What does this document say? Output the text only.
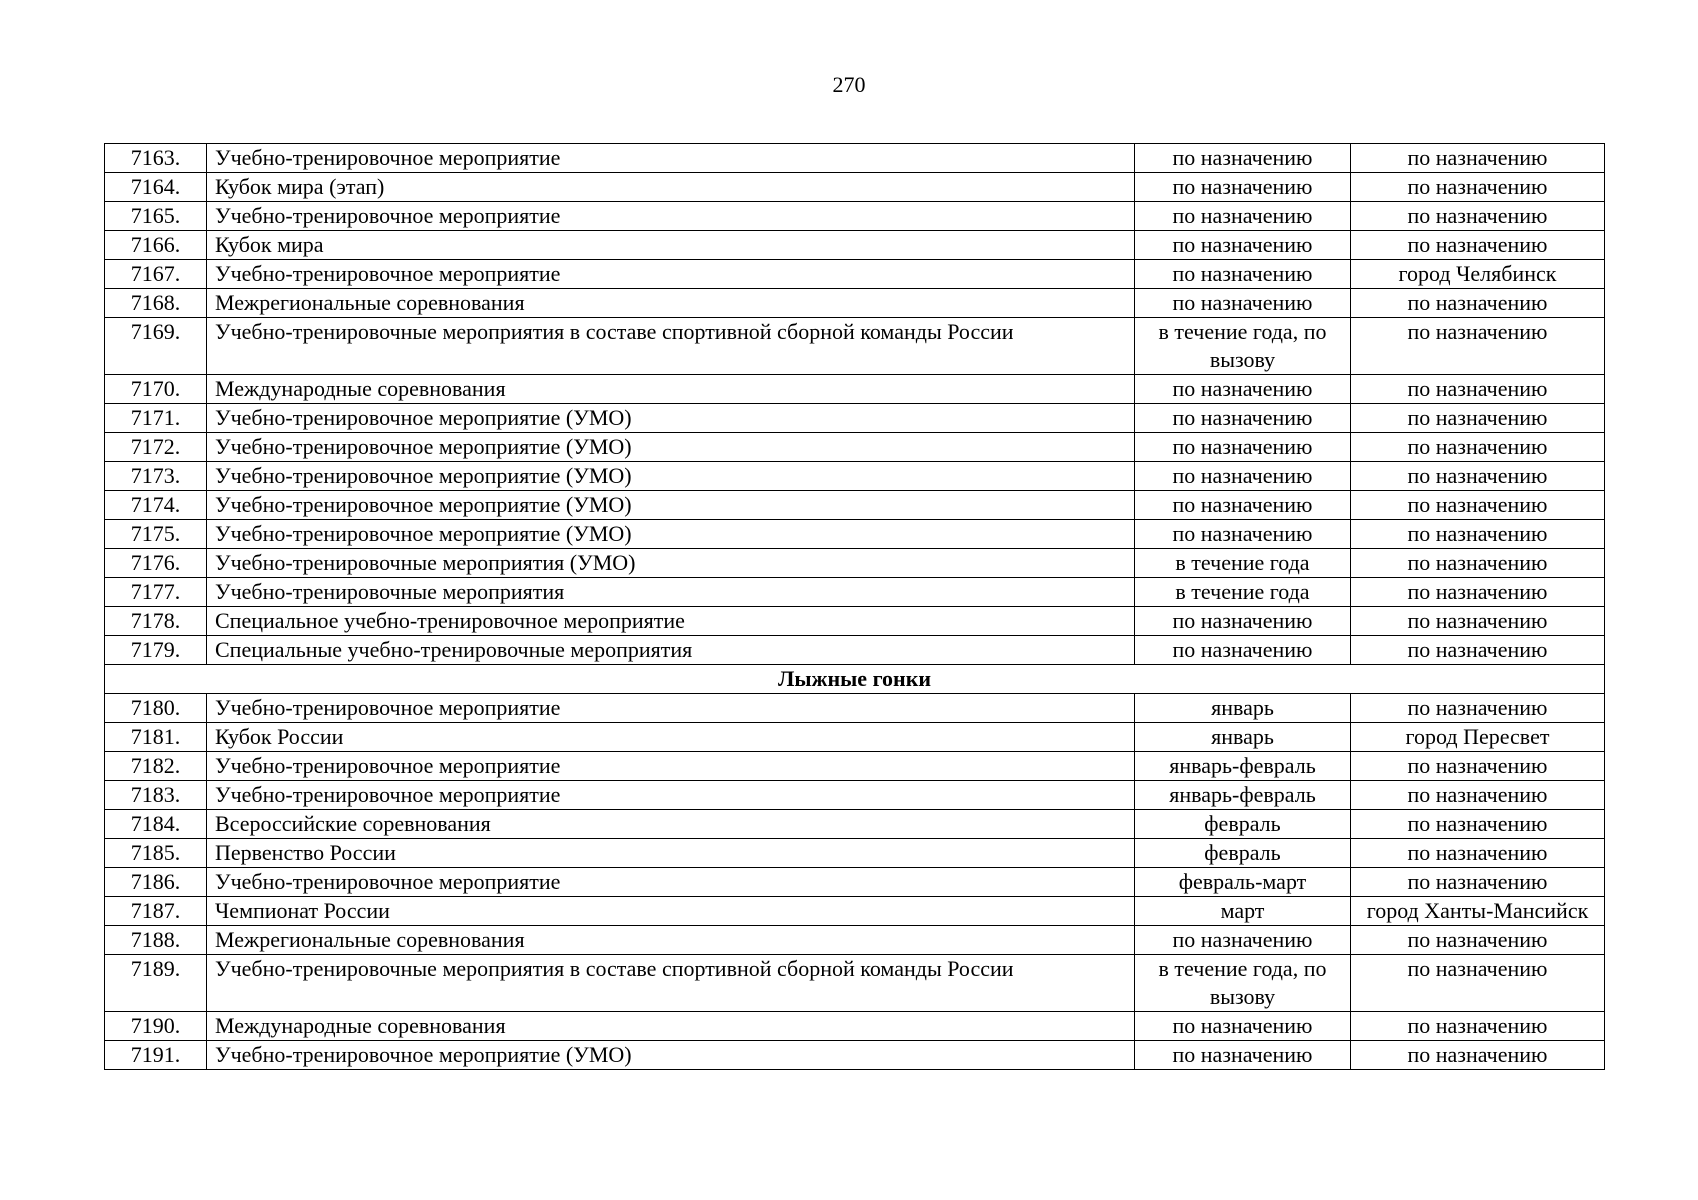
270
7163.	Учебно-тренировочное мероприятие	по назначению	по назначению
7164.	Кубок мира (этап)	по назначению	по назначению
7165.	Учебно-тренировочное мероприятие	по назначению	по назначению
7166.	Кубок мира	по назначению	по назначению
7167.	Учебно-тренировочное мероприятие	по назначению	город Челябинск
7168.	Межрегиональные соревнования	по назначению	по назначению
7169.	Учебно-тренировочные мероприятия в составе спортивной сборной команды России	в течение года, по вызову	по назначению
7170.	Международные соревнования	по назначению	по назначению
7171.	Учебно-тренировочное мероприятие (УМО)	по назначению	по назначению
7172.	Учебно-тренировочное мероприятие (УМО)	по назначению	по назначению
7173.	Учебно-тренировочное мероприятие (УМО)	по назначению	по назначению
7174.	Учебно-тренировочное мероприятие (УМО)	по назначению	по назначению
7175.	Учебно-тренировочное мероприятие (УМО)	по назначению	по назначению
7176.	Учебно-тренировочные мероприятия (УМО)	в течение года	по назначению
7177.	Учебно-тренировочные мероприятия	в течение года	по назначению
7178.	Специальное учебно-тренировочное мероприятие	по назначению	по назначению
7179.	Специальные учебно-тренировочные мероприятия	по назначению	по назначению
Лыжные гонки			
7180.	Учебно-тренировочное мероприятие	январь	по назначению
7181.	Кубок России	январь	город Пересвет
7182.	Учебно-тренировочное мероприятие	январь-февраль	по назначению
7183.	Учебно-тренировочное мероприятие	январь-февраль	по назначению
7184.	Всероссийские соревнования	февраль	по назначению
7185.	Первенство России	февраль	по назначению
7186.	Учебно-тренировочное мероприятие	февраль-март	по назначению
7187.	Чемпионат России	март	город Ханты-Мансийск
7188.	Межрегиональные соревнования	по назначению	по назначению
7189.	Учебно-тренировочные мероприятия в составе спортивной сборной команды России	в течение года, по вызову	по назначению
7190.	Международные соревнования	по назначению	по назначению
7191.	Учебно-тренировочное мероприятие (УМО)	по назначению	по назначению
